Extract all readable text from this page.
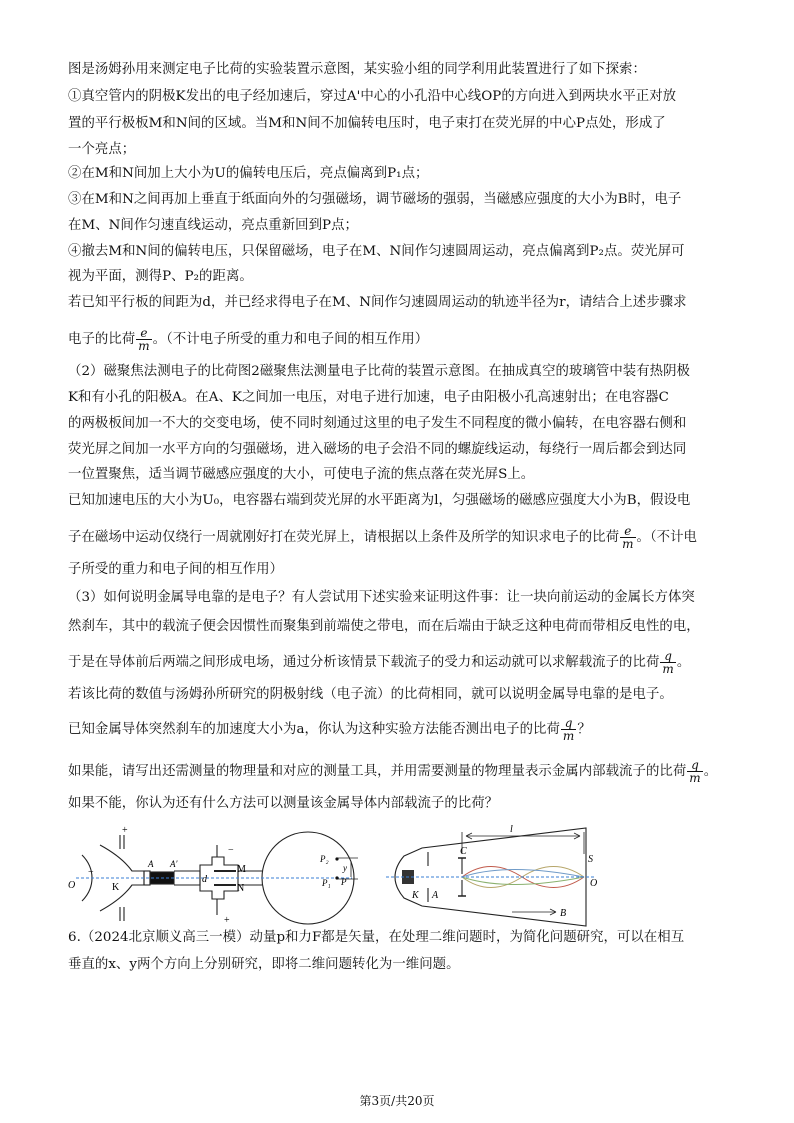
图是汤姆孙用来测定电子比荷的实验装置示意图，某实验小组的同学利用此装置进行了如下探索：
①真空管内的阴极K发出的电子经加速后，穿过A'中心的小孔沿中心线OP的方向进入到两块水平正对放
置的平行极板M和N间的区域。当M和N间不加偏转电压时，电子束打在荧光屏的中心P点处，形成了
一个亮点；
②在M和N间加上大小为U的偏转电压后，亮点偏离到P₁点；
③在M和N之间再加上垂直于纸面向外的匀强磁场，调节磁场的强弱，当磁感应强度的大小为B时，电子
在M、N间作匀速直线运动，亮点重新回到P点；
④撤去M和N间的偏转电压，只保留磁场，电子在M、N间作匀速圆周运动，亮点偏离到P₂点。荧光屏可
视为平面，测得P、P₂的距离。
若已知平行板的间距为d，并已经求得电子在M、N间作匀速圆周运动的轨迹半径为r，请结合上述步骤求
电子的比荷 $\frac{e}{m}$ 。（不计电子所受的重力和电子间的相互作用）
（2）磁聚焦法测电子的比荷图2磁聚焦法测量电子比荷的装置示意图。在抽成真空的玻璃管中装有热阴极
K和有小孔的阳极A。在A、K之间加一电压，对电子进行加速，电子由阳极小孔高速射出；在电容器C
的两极板间加一不大的交变电场，使不同时刻通过这里的电子发生不同程度的微小偏转，在电容器右侧和
荧光屏之间加一水平方向的匀强磁场，进入磁场的电子会沿不同的螺旋线运动，每绕行一周后都会到达同
一位置聚焦，适当调节磁感应强度的大小，可使电子流的焦点落在荧光屏S上。
已知加速电压的大小为U₀，电容器右端到荧光屏的水平距离为l，匀强磁场的磁感应强度大小为B，假设电
子在磁场中运动仅绕行一周就刚好打在荧光屏上，请根据以上条件及所学的知识求电子的比荷 $\frac{e}{m}$ 。（不计电
子所受的重力和电子间的相互作用）
（3）如何说明金属导电靠的是电子？有人尝试用下述实验来证明这件事：让一块向前运动的金属长方体突
然刹车，其中的载流子便会因惯性而聚集到前端使之带电，而在后端由于缺乏这种电荷而带相反电性的电，
于是在导体前后两端之间形成电场，通过分析该情景下载流子的受力和运动就可以求解载流子的比荷 $\frac{q}{m}$ 。
若该比荷的数值与汤姆孙所研究的阴极射线（电子流）的比荷相同，就可以说明金属导电靠的是电子。
已知金属导体突然刹车的加速度大小为a，你认为这种实验方法能否测出电子的比荷 $\frac{q}{m}$ ？
如果能，请写出还需测量的物理量和对应的测量工具，并用需要测量的物理量表示金属内部载流子的比荷 $\frac{q}{m}$ 。
如果不能，你认为还有什么方法可以测量该金属导体内部载流子的比荷？
+
−
O	K
A A′
−
M
N
+
d
P₂
P₁ P
y
l
C
S
K A
O
B
6.（2024北京顺义高三一模）动量p和力F都是矢量，在处理二维问题时，为简化问题研究，可以在相互
垂直的x、y两个方向上分别研究，即将二维问题转化为一维问题。
第3页/共20页
